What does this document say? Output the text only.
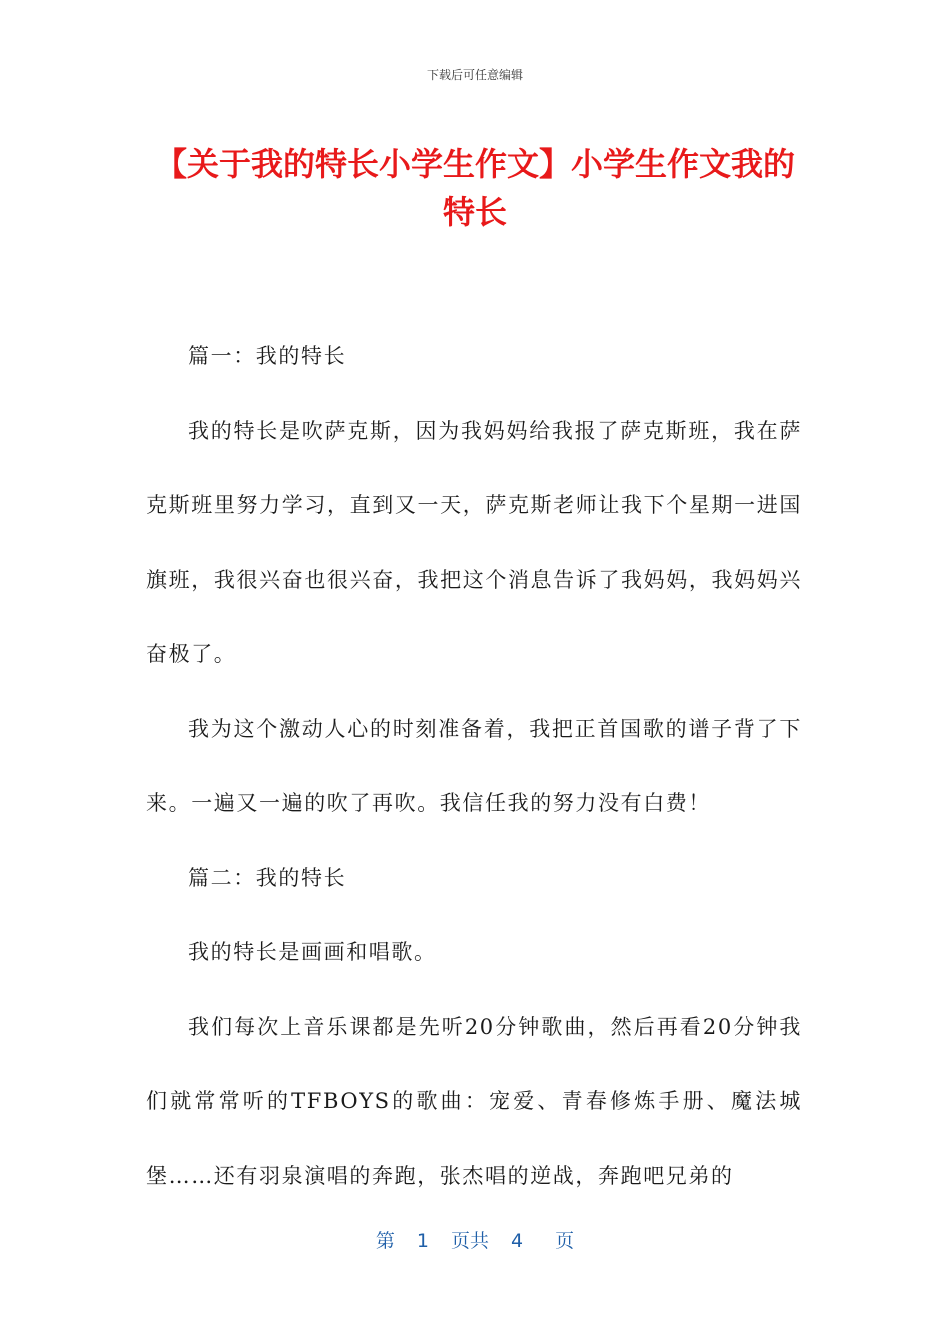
下载后可任意编辑
【关于我的特长小学生作文】小学生作文我的特长

篇一：我的特长

我的特长是吹萨克斯，因为我妈妈给我报了萨克斯班，我在萨克斯班里努力学习，直到又一天，萨克斯老师让我下个星期一进国旗班，我很兴奋也很兴奋，我把这个消息告诉了我妈妈，我妈妈兴奋极了。

我为这个激动人心的时刻准备着，我把正首国歌的谱子背了下来。一遍又一遍的吹了再吹。我信任我的努力没有白费！

篇二：我的特长

我的特长是画画和唱歌。

我们每次上音乐课都是先听20分钟歌曲，然后再看20分钟我们就常常听的TFBOYS的歌曲：宠爱、青春修炼手册、魔法城堡……还有羽泉演唱的奔跑，张杰唱的逆战，奔跑吧兄弟的

第 1 页共 4 页
